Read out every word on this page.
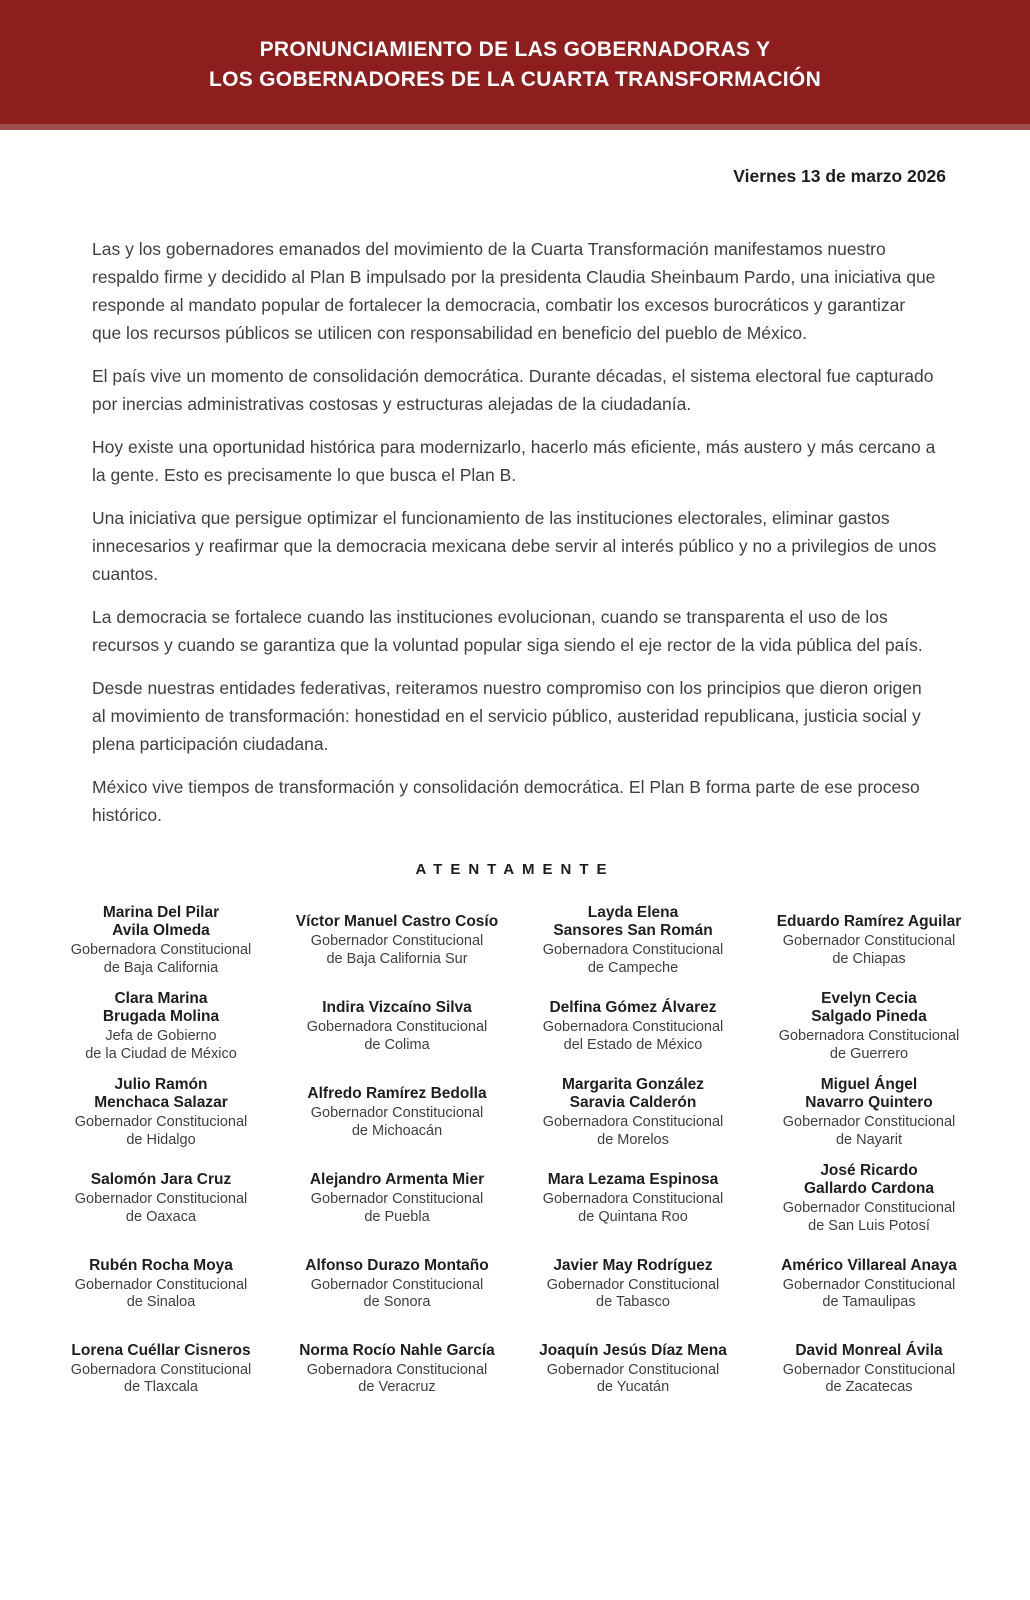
PRONUNCIAMIENTO DE LAS GOBERNADORAS Y
LOS GOBERNADORES DE LA CUARTA TRANSFORMACIÓN
Viernes 13 de marzo 2026

Las y los gobernadores emanados del movimiento de la Cuarta Transformación manifestamos nuestro respaldo firme y decidido al Plan B impulsado por la presidenta Claudia Sheinbaum Pardo, una iniciativa que responde al mandato popular de fortalecer la democracia, combatir los excesos burocráticos y garantizar que los recursos públicos se utilicen con responsabilidad en beneficio del pueblo de México.

El país vive un momento de consolidación democrática. Durante décadas, el sistema electoral fue capturado por inercias administrativas costosas y estructuras alejadas de la ciudadanía.

Hoy existe una oportunidad histórica para modernizarlo, hacerlo más eficiente, más austero y más cercano a la gente. Esto es precisamente lo que busca el Plan B.

Una iniciativa que persigue optimizar el funcionamiento de las instituciones electorales, eliminar gastos innecesarios y reafirmar que la democracia mexicana debe servir al interés público y no a privilegios de unos cuantos.

La democracia se fortalece cuando las instituciones evolucionan, cuando se transparenta el uso de los recursos y cuando se garantiza que la voluntad popular siga siendo el eje rector de la vida pública del país.

Desde nuestras entidades federativas, reiteramos nuestro compromiso con los principios que dieron origen al movimiento de transformación: honestidad en el servicio público, austeridad republicana, justicia social y plena participación ciudadana.

México vive tiempos de transformación y consolidación democrática. El Plan B forma parte de ese proceso histórico.

ATENTAMENTE
Marina Del Pilar
Avila Olmeda
Gobernadora Constitucional
de Baja California
Víctor Manuel Castro Cosío
Gobernador Constitucional
de Baja California Sur
Layda Elena
Sansores San Román
Gobernadora Constitucional
de Campeche
Eduardo Ramírez Aguilar
Gobernador Constitucional
de Chiapas
Clara Marina
Brugada Molina
Jefa de Gobierno
de la Ciudad de México
Indira Vizcaíno Silva
Gobernadora Constitucional
de Colima
Delfina Gómez Álvarez
Gobernadora Constitucional
del Estado de México
Evelyn Cecia
Salgado Pineda
Gobernadora Constitucional
de Guerrero
Julio Ramón
Menchaca Salazar
Gobernador Constitucional
de Hidalgo
Alfredo Ramírez Bedolla
Gobernador Constitucional
de Michoacán
Margarita González
Saravia Calderón
Gobernadora Constitucional
de Morelos
Miguel Ángel
Navarro Quintero
Gobernador Constitucional
de Nayarit
Salomón Jara Cruz
Gobernador Constitucional
de Oaxaca
Alejandro Armenta Mier
Gobernador Constitucional
de Puebla
Mara Lezama Espinosa
Gobernadora Constitucional
de Quintana Roo
José Ricardo
Gallardo Cardona
Gobernador Constitucional
de San Luis Potosí
Rubén Rocha Moya
Gobernador Constitucional
de Sinaloa
Alfonso Durazo Montaño
Gobernador Constitucional
de Sonora
Javier May Rodríguez
Gobernador Constitucional
de Tabasco
Américo Villareal Anaya
Gobernador Constitucional
de Tamaulipas
Lorena Cuéllar Cisneros
Gobernadora Constitucional
de Tlaxcala
Norma Rocío Nahle García
Gobernadora Constitucional
de Veracruz
Joaquín Jesús Díaz Mena
Gobernador Constitucional
de Yucatán
David Monreal Ávila
Gobernador Constitucional
de Zacatecas
